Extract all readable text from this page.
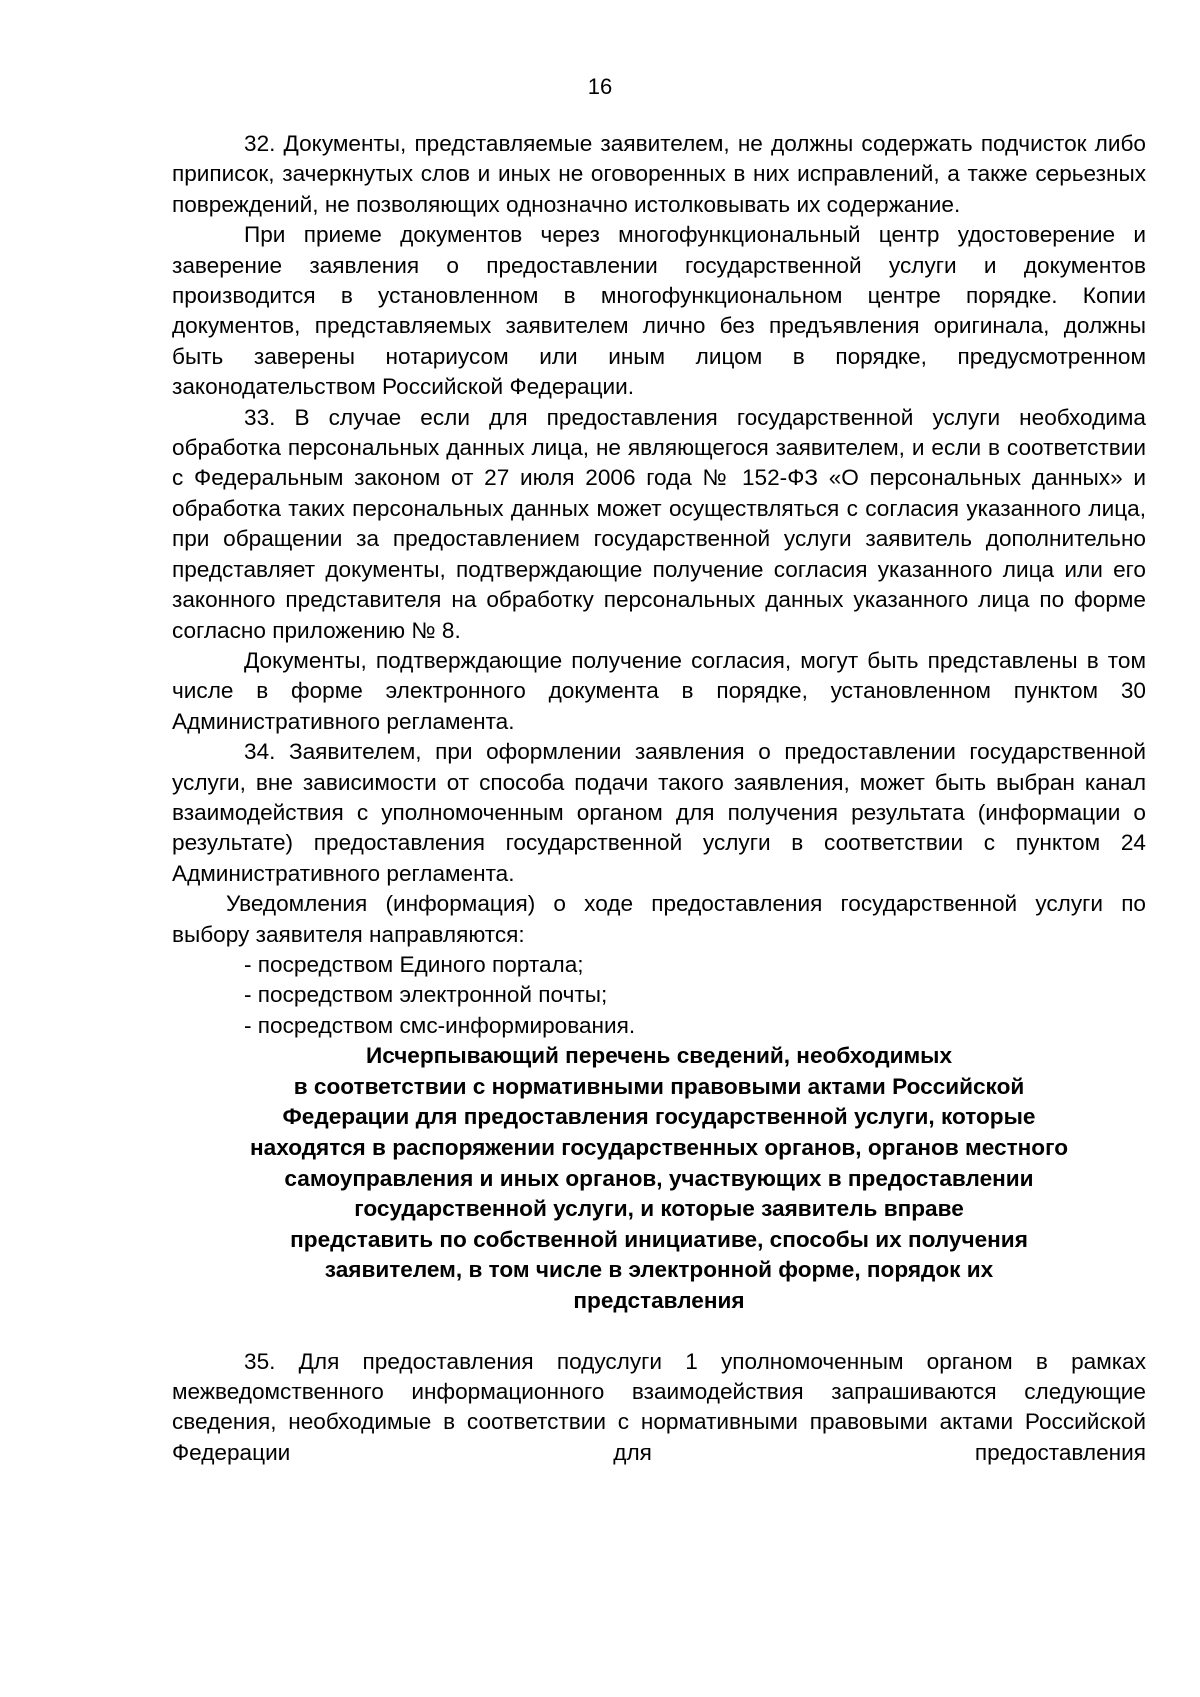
16

32. Документы, представляемые заявителем, не должны содержать подчисток либо приписок, зачеркнутых слов и иных не оговоренных в них исправлений, а также серьезных повреждений, не позволяющих однозначно истолковывать их содержание.

При приеме документов через многофункциональный центр удостоверение и заверение заявления о предоставлении государственной услуги и документов производится в установленном в многофункциональном центре порядке. Копии документов, представляемых заявителем лично без предъявления оригинала, должны быть заверены нотариусом или иным лицом в порядке, предусмотренном законодательством Российской Федерации.

33. В случае если для предоставления государственной услуги необходима обработка персональных данных лица, не являющегося заявителем, и если в соответствии с Федеральным законом от 27 июля 2006 года № 152-ФЗ «О персональных данных» и обработка таких персональных данных может осуществляться с согласия указанного лица, при обращении за предоставлением государственной услуги заявитель дополнительно представляет документы, подтверждающие получение согласия указанного лица или его законного представителя на обработку персональных данных указанного лица по форме согласно приложению № 8.

Документы, подтверждающие получение согласия, могут быть представлены в том числе в форме электронного документа в порядке, установленном пунктом 30 Административного регламента.

34. Заявителем, при оформлении заявления о предоставлении государственной услуги, вне зависимости от способа подачи такого заявления, может быть выбран канал взаимодействия с уполномоченным органом для получения результата (информации о результате) предоставления государственной услуги в соответствии с пунктом 24 Административного регламента.

Уведомления (информация) о ходе предоставления государственной услуги по выбору заявителя направляются:

- посредством Единого портала;

- посредством электронной почты;

- посредством смс-информирования.

Исчерпывающий перечень сведений, необходимых

в соответствии с нормативными правовыми актами Российской

Федерации для предоставления государственной услуги, которые

находятся в распоряжении государственных органов, органов местного

самоуправления и иных органов, участвующих в предоставлении

государственной услуги, и которые заявитель вправе

представить по собственной инициативе, способы их получения

заявителем, в том числе в электронной форме, порядок их

представления

35. Для предоставления подуслуги 1 уполномоченным органом в рамках межведомственного информационного взаимодействия запрашиваются следующие сведения, необходимые в соответствии с нормативными правовыми актами Российской Федерации для предоставления
